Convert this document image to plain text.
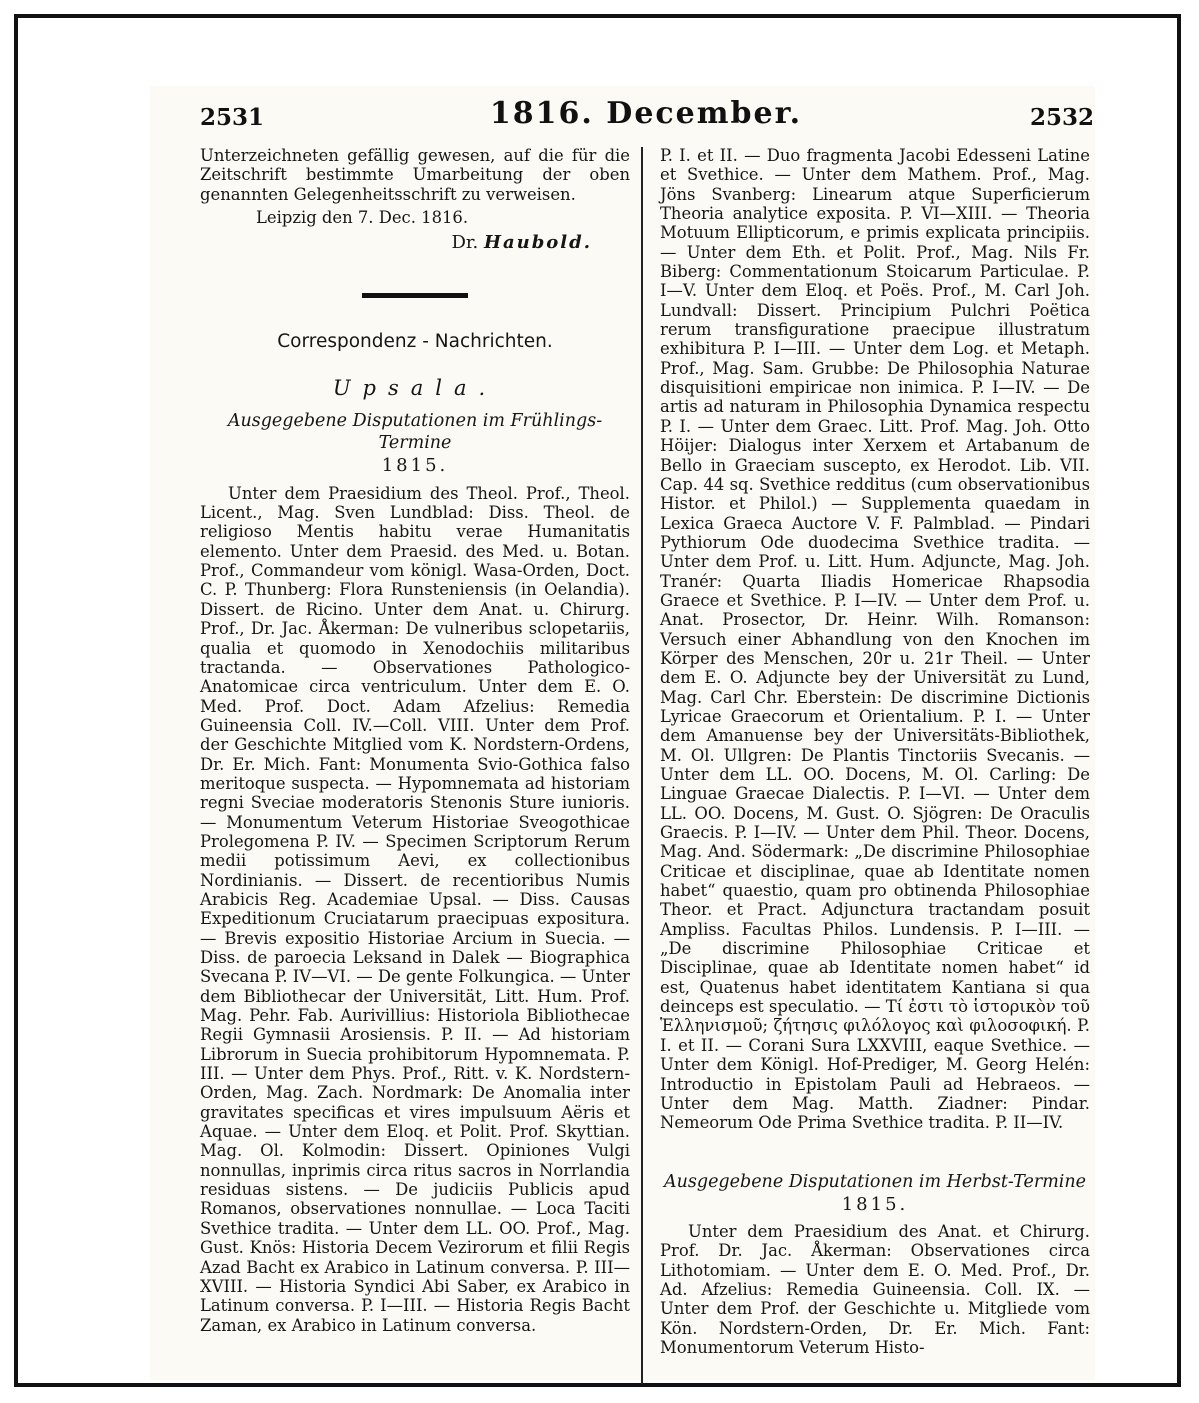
2531	1816. December.	2532

Unterzeichneten gefällig gewesen, auf die für die Zeitschrift bestimmte Umarbeitung der oben genannten Gelegenheitsschrift zu verweisen.

Leipzig den 7. Dec. 1816.

Dr. Haubold.

Correspondenz - Nachrichten.

Upsala.

Ausgegebene Disputationen im Frühlings-Termine

1815.

Unter dem Praesidium des Theol. Prof., Theol. Licent., Mag. Sven Lundblad: Diss. Theol. de religioso Mentis habitu verae Humanitatis elemento. Unter dem Praesid. des Med. u. Botan. Prof., Commandeur vom königl. Wasa-Orden, Doct. C. P. Thunberg: Flora Runsteniensis (in Oelandia). Dissert. de Ricino. Unter dem Anat. u. Chirurg. Prof., Dr. Jac. Åkerman: De vulneribus sclopetariis, qualia et quomodo in Xenodochiis militaribus tractanda. — Observationes Pathologico-Anatomicae circa ventriculum. Unter dem E. O. Med. Prof. Doct. Adam Afzelius: Remedia Guineensia Coll. IV.—Coll. VIII. Unter dem Prof. der Geschichte Mitglied vom K. Nordstern-Ordens, Dr. Er. Mich. Fant: Monumenta Svio-Gothica falso meritoque suspecta. — Hypomnemata ad historiam regni Sveciae moderatoris Stenonis Sture iunioris. — Monumentum Veterum Historiae Sveogothicae Prolegomena P. IV. — Specimen Scriptorum Rerum medii potissimum Aevi, ex collectionibus Nordinianis. — Dissert. de recentioribus Numis Arabicis Reg. Academiae Upsal. — Diss. Causas Expeditionum Cruciatarum praecipuas expositura. — Brevis expositio Historiae Arcium in Suecia. — Diss. de paroecia Leksand in Dalek — Biographica Svecana P. IV—VI. — De gente Folkungica. — Unter dem Bibliothecar der Universität, Litt. Hum. Prof. Mag. Pehr. Fab. Aurivillius: Historiola Bibliothecae Regii Gymnasii Arosiensis. P. II. — Ad historiam Librorum in Suecia prohibitorum Hypomnemata. P. III. — Unter dem Phys. Prof., Ritt. v. K. Nordstern-Orden, Mag. Zach. Nordmark: De Anomalia inter gravitates specificas et vires impulsuum Aëris et Aquae. — Unter dem Eloq. et Polit. Prof. Skyttian. Mag. Ol. Kolmodin: Dissert. Opiniones Vulgi nonnullas, inprimis circa ritus sacros in Norrlandia residuas sistens. — De judiciis Publicis apud Romanos, observationes nonnullae. — Loca Taciti Svethice tradita. — Unter dem LL. OO. Prof., Mag. Gust. Knös: Historia Decem Vezirorum et filii Regis Azad Bacht ex Arabico in Latinum conversa. P. III—XVIII. — Historia Syndici Abi Saber, ex Arabico in Latinum conversa. P. I—III. — Historia Regis Bacht Zaman, ex Arabico in Latinum conversa.

P. I. et II. — Duo fragmenta Jacobi Edesseni Latine et Svethice. — Unter dem Mathem. Prof., Mag. Jöns Svanberg: Linearum atque Superficierum Theoria analytice exposita. P. VI—XIII. — Theoria Motuum Ellipticorum, e primis explicata principiis. — Unter dem Eth. et Polit. Prof., Mag. Nils Fr. Biberg: Commentationum Stoicarum Particulae. P. I—V. Unter dem Eloq. et Poës. Prof., M. Carl Joh. Lundvall: Dissert. Principium Pulchri Poëtica rerum transfiguratione praecipue illustratum exhibitura P. I—III. — Unter dem Log. et Metaph. Prof., Mag. Sam. Grubbe: De Philosophia Naturae disquisitioni empiricae non inimica. P. I—IV. — De artis ad naturam in Philosophia Dynamica respectu P. I. — Unter dem Graec. Litt. Prof. Mag. Joh. Otto Höijer: Dialogus inter Xerxem et Artabanum de Bello in Graeciam suscepto, ex Herodot. Lib. VII. Cap. 44 sq. Svethice redditus (cum observationibus Histor. et Philol.) — Supplementa quaedam in Lexica Graeca Auctore V. F. Palmblad. — Pindari Pythiorum Ode duodecima Svethice tradita. — Unter dem Prof. u. Litt. Hum. Adjuncte, Mag. Joh. Tranér: Quarta Iliadis Homericae Rhapsodia Graece et Svethice. P. I—IV. — Unter dem Prof. u. Anat. Prosector, Dr. Heinr. Wilh. Romanson: Versuch einer Abhandlung von den Knochen im Körper des Menschen, 20r u. 21r Theil. — Unter dem E. O. Adjuncte bey der Universität zu Lund, Mag. Carl Chr. Eberstein: De discrimine Dictionis Lyricae Graecorum et Orientalium. P. I. — Unter dem Amanuense bey der Universitäts-Bibliothek, M. Ol. Ullgren: De Plantis Tinctoriis Svecanis. — Unter dem LL. OO. Docens, M. Ol. Carling: De Linguae Graecae Dialectis. P. I—VI. — Unter dem LL. OO. Docens, M. Gust. O. Sjögren: De Oraculis Graecis. P. I—IV. — Unter dem Phil. Theor. Docens, Mag. And. Södermark: „De discrimine Philosophiae Criticae et disciplinae, quae ab Identitate nomen habet“ quaestio, quam pro obtinenda Philosophiae Theor. et Pract. Adjunctura tractandam posuit Ampliss. Facultas Philos. Lundensis. P. I—III. — „De discrimine Philosophiae Criticae et Disciplinae, quae ab Identitate nomen habet“ id est, Quatenus habet identitatem Kantiana si qua deinceps est speculatio. — Τί ἐστι τὸ ἱστορικὸν τοῦ Ἑλληνισμοῦ; ζήτησις φιλόλογος καὶ φιλοσοφική. P. I. et II. — Corani Sura LXXVIII, eaque Svethice. — Unter dem Königl. Hof-Prediger, M. Georg Helén: Introductio in Epistolam Pauli ad Hebraeos. — Unter dem Mag. Matth. Ziadner: Pindar. Nemeorum Ode Prima Svethice tradita. P. II—IV.

Ausgegebene Disputationen im Herbst-Termine

1815.

Unter dem Praesidium des Anat. et Chirurg. Prof. Dr. Jac. Åkerman: Observationes circa Lithotomiam. — Unter dem E. O. Med. Prof., Dr. Ad. Afzelius: Remedia Guineensia. Coll. IX. — Unter dem Prof. der Geschichte u. Mitgliede vom Kön. Nordstern-Orden, Dr. Er. Mich. Fant: Monumentorum Veterum Histo-
